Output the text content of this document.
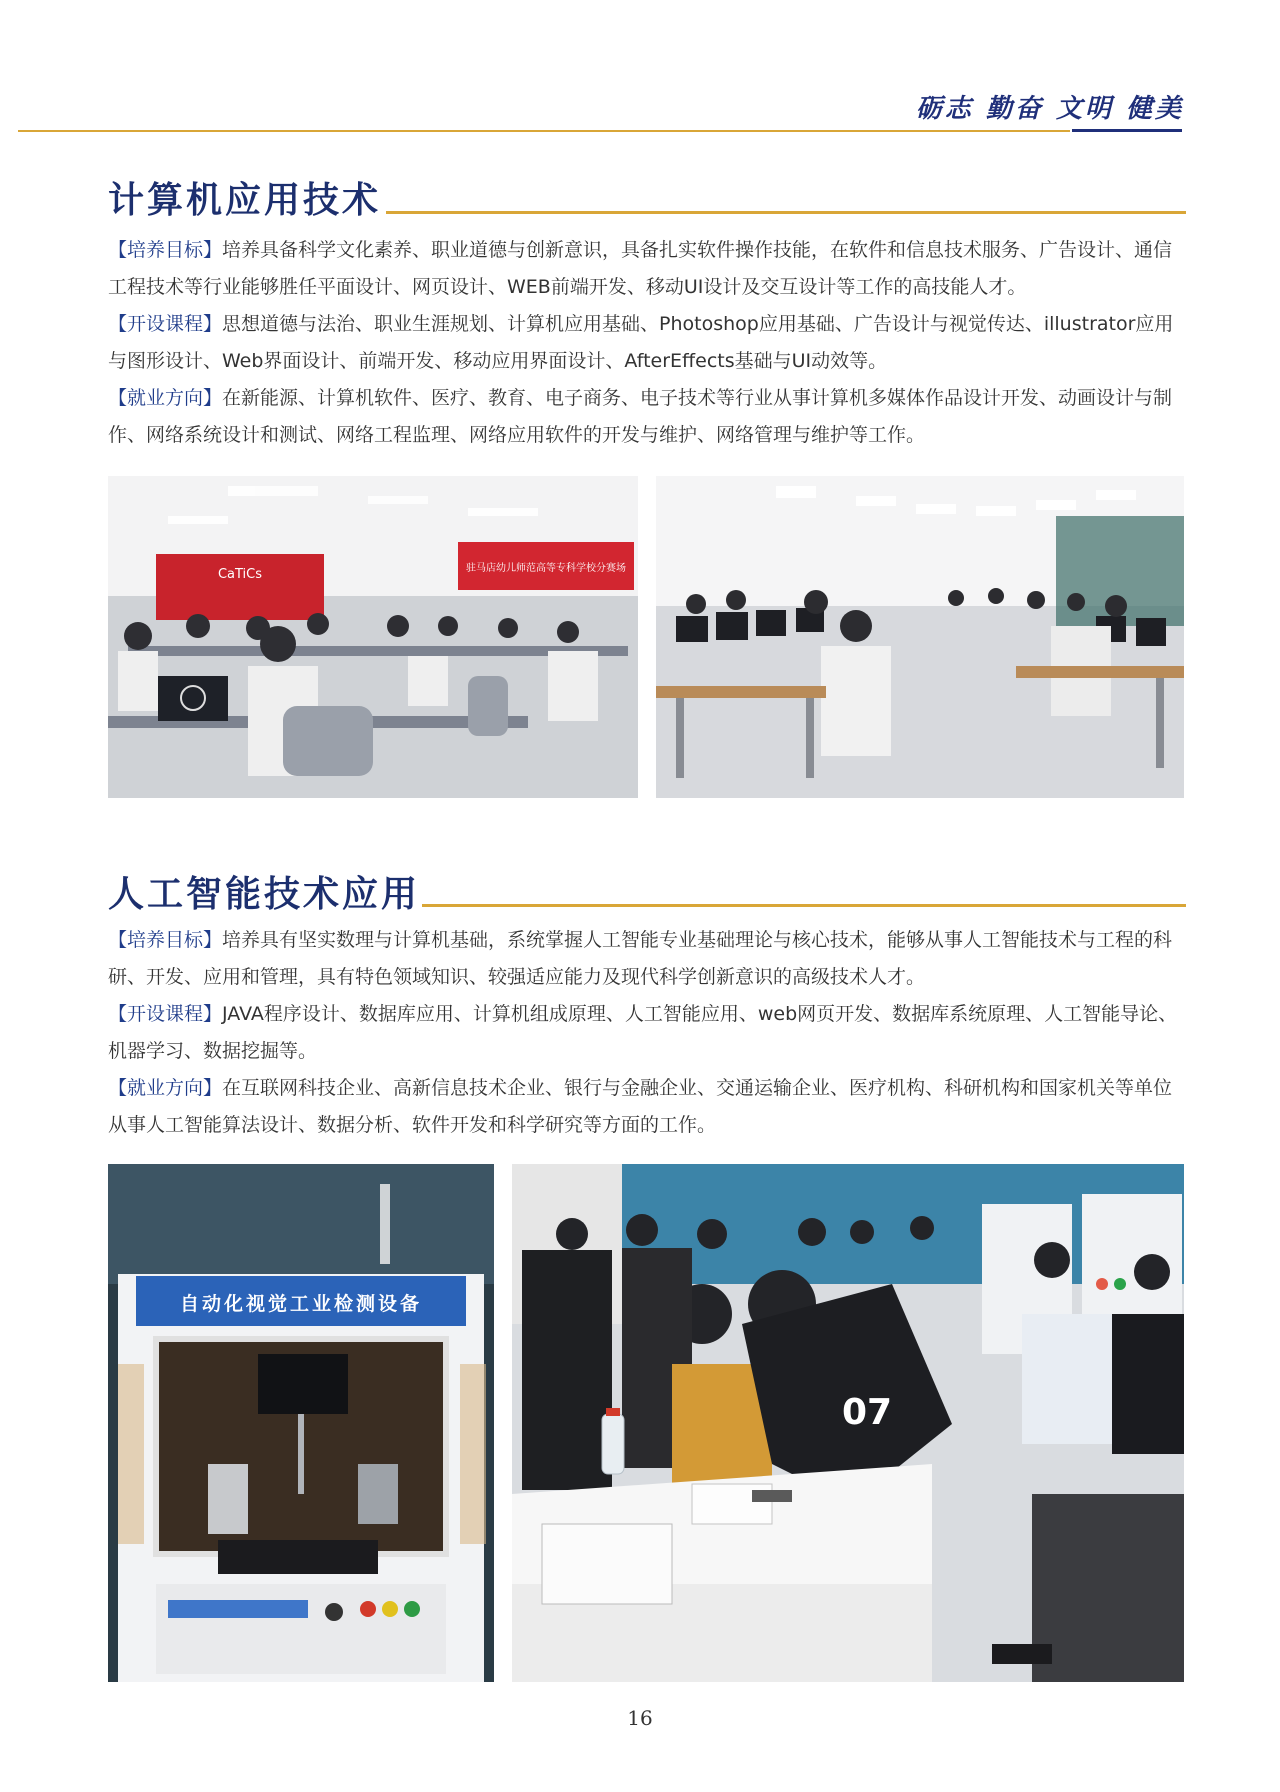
砺志 勤奋 文明 健美
计算机应用技术
【培养目标】培养具备科学文化素养、职业道德与创新意识，具备扎实软件操作技能，在软件和信息技术服务、广告设计、通信工程技术等行业能够胜任平面设计、网页设计、WEB前端开发、移动UI设计及交互设计等工作的高技能人才。
【开设课程】思想道德与法治、职业生涯规划、计算机应用基础、Photoshop应用基础、广告设计与视觉传达、illustrator应用与图形设计、Web界面设计、前端开发、移动应用界面设计、AfterEffects基础与UI动效等。
【就业方向】在新能源、计算机软件、医疗、教育、电子商务、电子技术等行业从事计算机多媒体作品设计开发、动画设计与制作、网络系统设计和测试、网络工程监理、网络应用软件的开发与维护、网络管理与维护等工作。
CaTiCs	驻马店幼儿师范高等专科学校分赛场
人工智能技术应用
【培养目标】培养具有坚实数理与计算机基础，系统掌握人工智能专业基础理论与核心技术，能够从事人工智能技术与工程的科研、开发、应用和管理，具有特色领域知识、较强适应能力及现代科学创新意识的高级技术人才。
【开设课程】JAVA程序设计、数据库应用、计算机组成原理、人工智能应用、web网页开发、数据库系统原理、人工智能导论、机器学习、数据挖掘等。
【就业方向】在互联网科技企业、高新信息技术企业、银行与金融企业、交通运输企业、医疗机构、科研机构和国家机关等单位从事人工智能算法设计、数据分析、软件开发和科学研究等方面的工作。
自动化视觉工业检测设备
07
16
